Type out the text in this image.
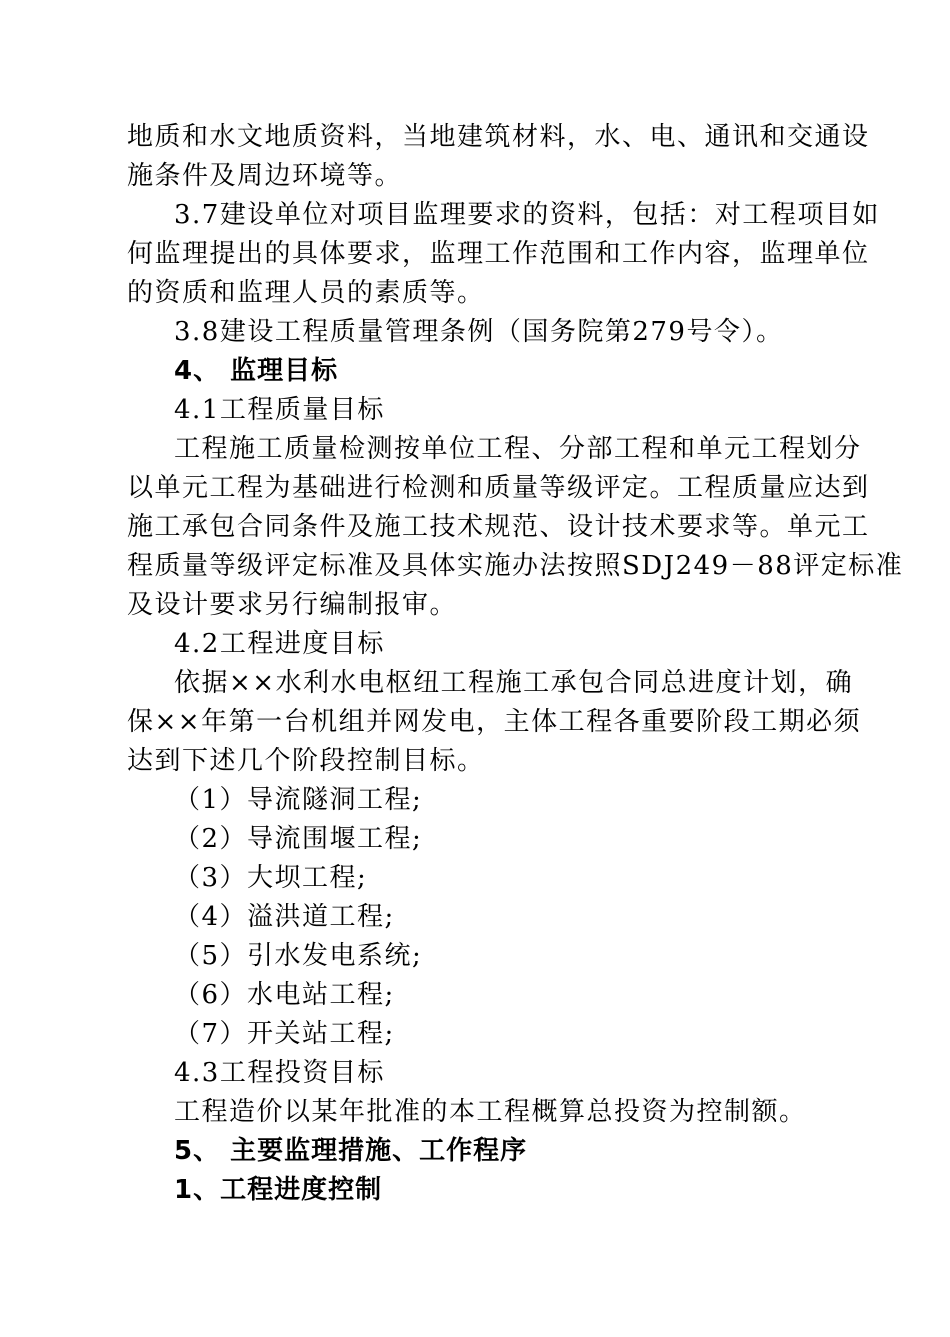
地质和水文地质资料，当地建筑材料，水、电、通讯和交通设
施条件及周边环境等。
3.7建设单位对项目监理要求的资料，包括：对工程项目如
何监理提出的具体要求，监理工作范围和工作内容，监理单位
的资质和监理人员的素质等。
3.8建设工程质量管理条例（国务院第279号令）。
4、 监理目标
4.1工程质量目标
工程施工质量检测按单位工程、分部工程和单元工程划分
以单元工程为基础进行检测和质量等级评定。工程质量应达到
施工承包合同条件及施工技术规范、设计技术要求等。单元工
程质量等级评定标准及具体实施办法按照SDJ249－88评定标准
及设计要求另行编制报审。
4.2工程进度目标
依据××水利水电枢纽工程施工承包合同总进度计划，确
保××年第一台机组并网发电，主体工程各重要阶段工期必须
达到下述几个阶段控制目标。
（1）导流隧洞工程;
（2）导流围堰工程;
（3）大坝工程;
（4）溢洪道工程;
（5）引水发电系统;
（6）水电站工程;
（7）开关站工程;
4.3工程投资目标
工程造价以某年批准的本工程概算总投资为控制额。
5、 主要监理措施、工作程序
1、工程进度控制
